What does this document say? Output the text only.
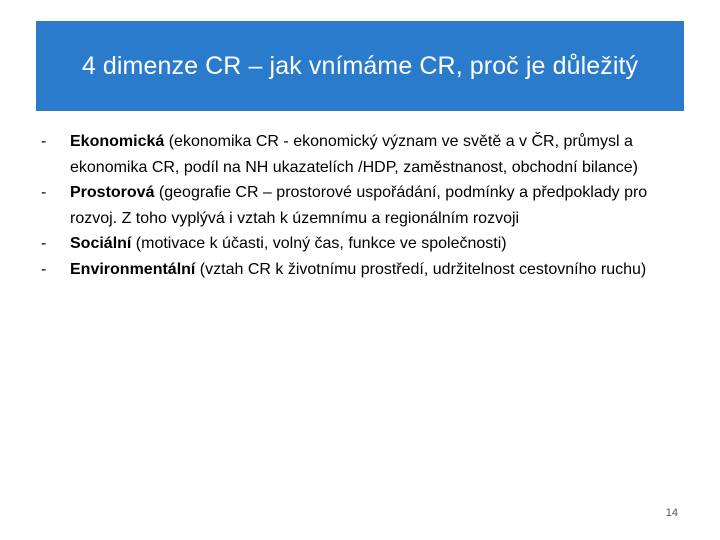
4 dimenze CR – jak vnímáme CR, proč je důležitý
- Ekonomická (ekonomika CR - ekonomický význam ve světě a v ČR, průmysl a ekonomika CR, podíl na NH ukazatelích /HDP, zaměstnanost, obchodní bilance)
- Prostorová (geografie CR – prostorové uspořádání, podmínky a předpoklady pro rozvoj. Z toho vyplývá i vztah k územnímu a regionálním rozvoji
- Sociální (motivace k účasti, volný čas, funkce ve společnosti)
- Environmentální (vztah CR k životnímu prostředí, udržitelnost cestovního ruchu)
14
